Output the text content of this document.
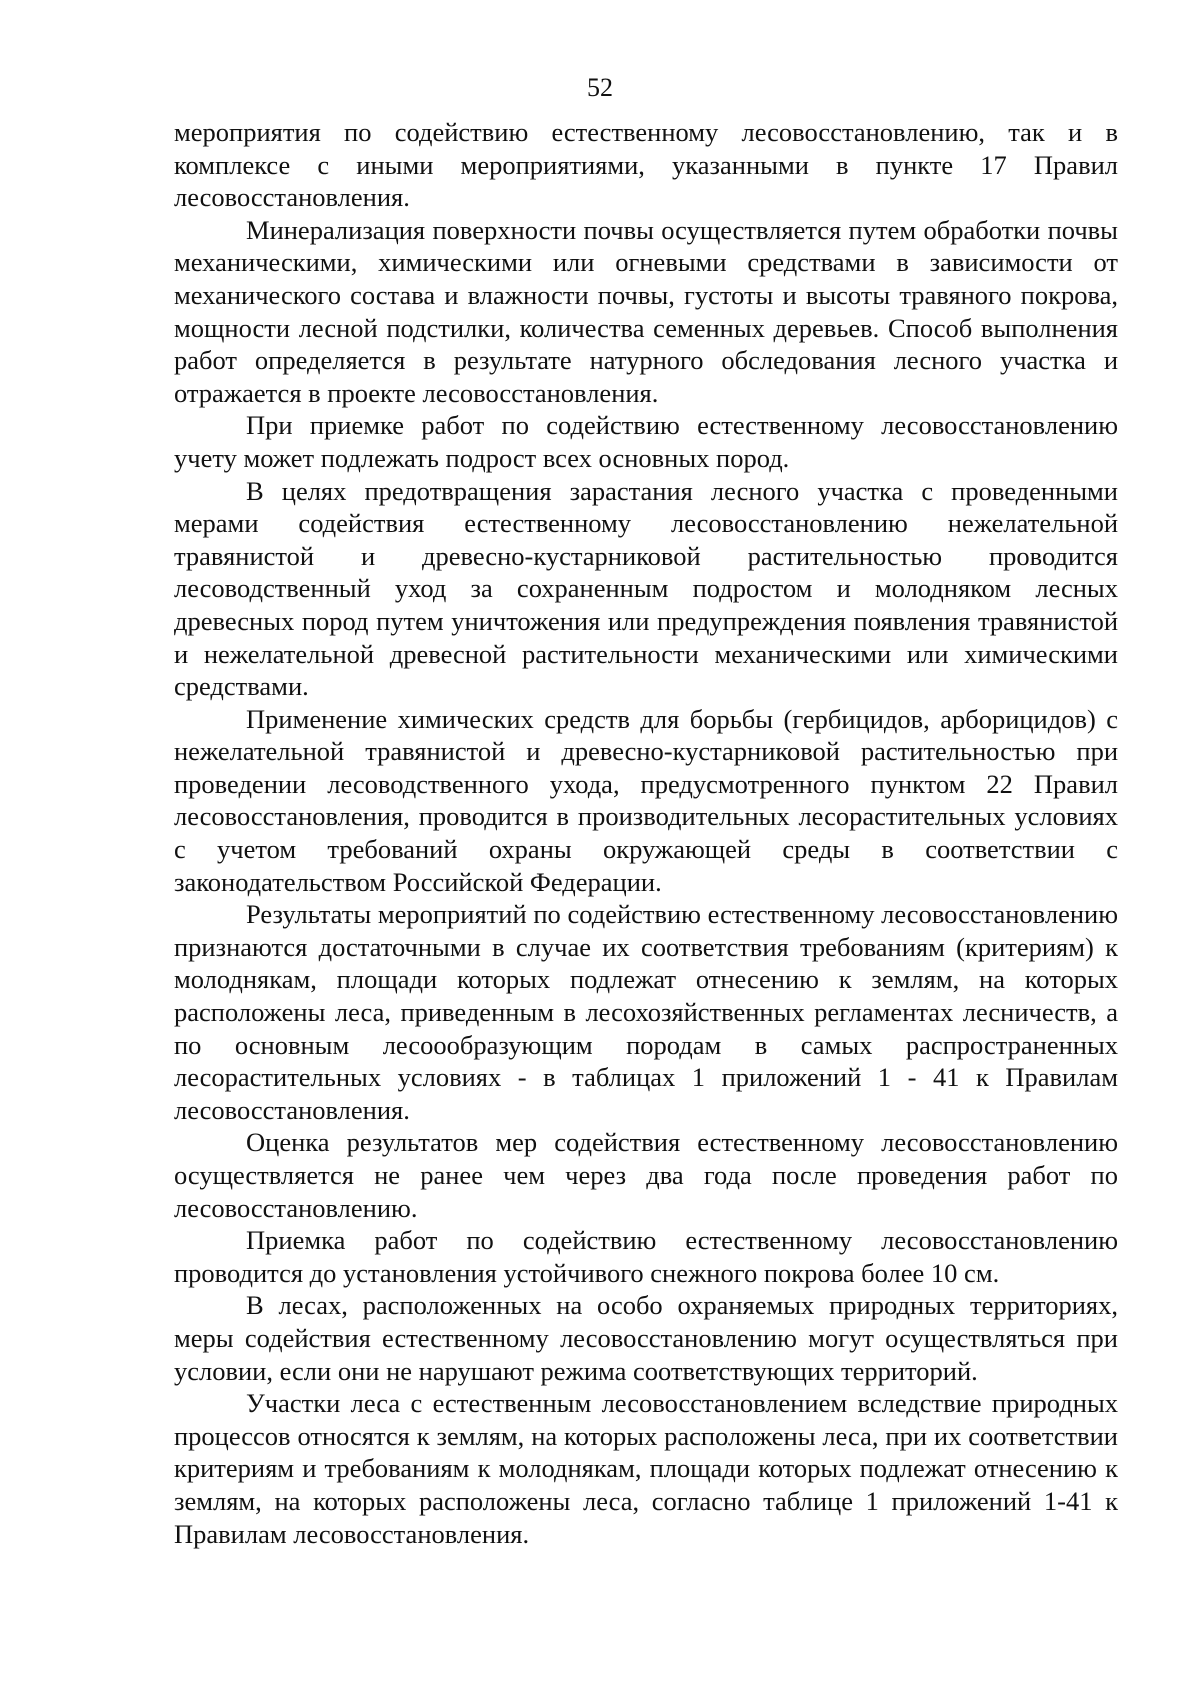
52

мероприятия по содействию естественному лесовосстановлению, так и в комплексе с иными мероприятиями, указанными в пункте 17 Правил лесовосстановления.

Минерализация поверхности почвы осуществляется путем обработки почвы механическими, химическими или огневыми средствами в зависимости от механического состава и влажности почвы, густоты и высоты травяного покрова, мощности лесной подстилки, количества семенных деревьев. Способ выполнения работ определяется в результате натурного обследования лесного участка и отражается в проекте лесовосстановления.

При приемке работ по содействию естественному лесовосстановлению учету может подлежать подрост всех основных пород.

В целях предотвращения зарастания лесного участка с проведенными мерами содействия естественному лесовосстановлению нежелательной травянистой и древесно-кустарниковой растительностью проводится лесоводственный уход за сохраненным подростом и молодняком лесных древесных пород путем уничтожения или предупреждения появления травянистой и нежелательной древесной растительности механическими или химическими средствами.

Применение химических средств для борьбы (гербицидов, арборицидов) с нежелательной травянистой и древесно-кустарниковой растительностью при проведении лесоводственного ухода, предусмотренного пунктом 22 Правил лесовосстановления, проводится в производительных лесорастительных условиях с учетом требований охраны окружающей среды в соответствии с законодательством Российской Федерации.

Результаты мероприятий по содействию естественному лесовосстановлению признаются достаточными в случае их соответствия требованиям (критериям) к молоднякам, площади которых подлежат отнесению к землям, на которых расположены леса, приведенным в лесохозяйственных регламентах лесничеств, а по основным лесоообразующим породам в самых распространенных лесорастительных условиях - в таблицах 1 приложений 1 - 41 к Правилам лесовосстановления.

Оценка результатов мер содействия естественному лесовосстановлению осуществляется не ранее чем через два года после проведения работ по лесовосстановлению.

Приемка работ по содействию естественному лесовосстановлению проводится до установления устойчивого снежного покрова более 10 см.

В лесах, расположенных на особо охраняемых природных территориях, меры содействия естественному лесовосстановлению могут осуществляться при условии, если они не нарушают режима соответствующих территорий.

Участки леса с естественным лесовосстановлением вследствие природных процессов относятся к землям, на которых расположены леса, при их соответствии критериям и требованиям к молоднякам, площади которых подлежат отнесению к землям, на которых расположены леса, согласно таблице 1 приложений 1-41 к Правилам лесовосстановления.
